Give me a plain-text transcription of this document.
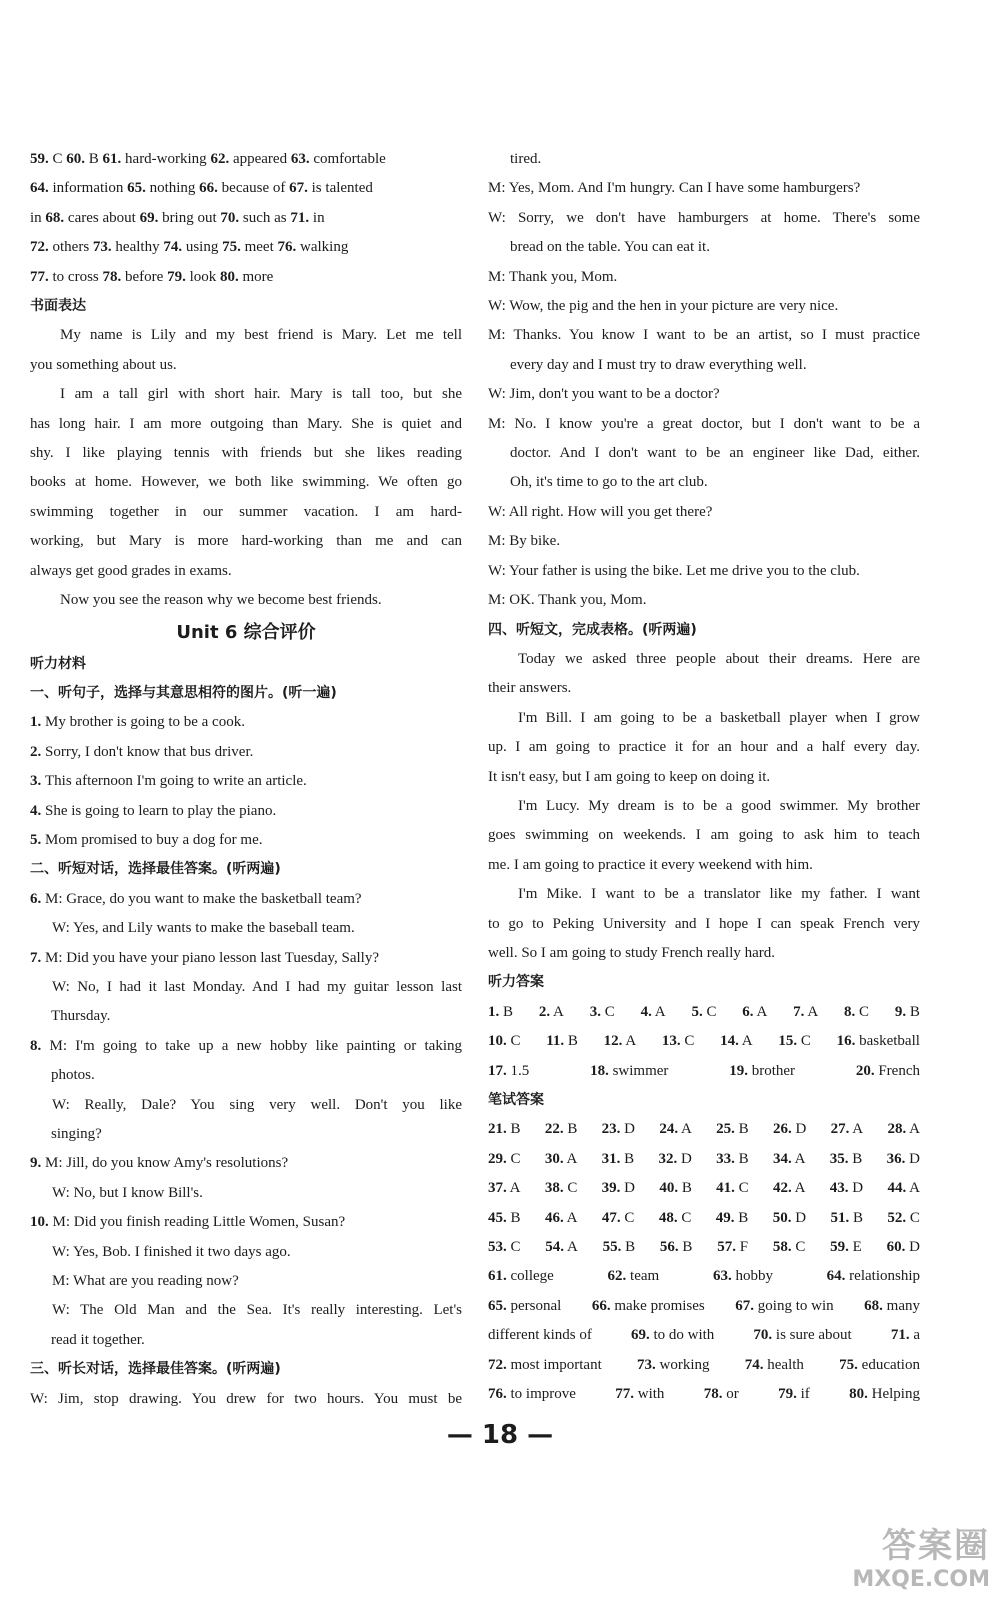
59. C 60. B 61. hard-working 62. appeared 63. comfortable
64. information 65. nothing 66. because of 67. is talented
in 68. cares about 69. bring out 70. such as 71. in
72. others 73. healthy 74. using 75. meet 76. walking
77. to cross 78. before 79. look 80. more
书面表达
My name is Lily and my best friend is Mary. Let me tell
you something about us.
I am a tall girl with short hair. Mary is tall too, but she
has long hair. I am more outgoing than Mary. She is quiet and
shy. I like playing tennis with friends but she likes reading
books at home. However, we both like swimming. We often go
swimming together in our summer vacation. I am hard-
working, but Mary is more hard-working than me and can
always get good grades in exams.
Now you see the reason why we become best friends.
Unit 6 综合评价
听力材料
一、听句子，选择与其意思相符的图片。(听一遍)
1. My brother is going to be a cook.
2. Sorry, I don't know that bus driver.
3. This afternoon I'm going to write an article.
4. She is going to learn to play the piano.
5. Mom promised to buy a dog for me.
二、听短对话，选择最佳答案。(听两遍)
6. M: Grace, do you want to make the basketball team?
W: Yes, and Lily wants to make the baseball team.
7. M: Did you have your piano lesson last Tuesday, Sally?
W: No, I had it last Monday. And I had my guitar lesson last
Thursday.
8. M: I'm going to take up a new hobby like painting or taking
photos.
W: Really, Dale? You sing very well. Don't you like
singing?
9. M: Jill, do you know Amy's resolutions?
W: No, but I know Bill's.
10. M: Did you finish reading Little Women, Susan?
W: Yes, Bob. I finished it two days ago.
M: What are you reading now?
W: The Old Man and the Sea. It's really interesting. Let's
read it together.
三、听长对话，选择最佳答案。(听两遍)
W: Jim, stop drawing. You drew for two hours. You must be
tired.
M: Yes, Mom. And I'm hungry. Can I have some hamburgers?
W: Sorry, we don't have hamburgers at home. There's some
bread on the table. You can eat it.
M: Thank you, Mom.
W: Wow, the pig and the hen in your picture are very nice.
M: Thanks. You know I want to be an artist, so I must practice
every day and I must try to draw everything well.
W: Jim, don't you want to be a doctor?
M: No. I know you're a great doctor, but I don't want to be a
doctor. And I don't want to be an engineer like Dad, either.
Oh, it's time to go to the art club.
W: All right. How will you get there?
M: By bike.
W: Your father is using the bike. Let me drive you to the club.
M: OK. Thank you, Mom.
四、听短文，完成表格。(听两遍)
Today we asked three people about their dreams. Here are
their answers.
I'm Bill. I am going to be a basketball player when I grow
up. I am going to practice it for an hour and a half every day.
It isn't easy, but I am going to keep on doing it.
I'm Lucy. My dream is to be a good swimmer. My brother
goes swimming on weekends. I am going to ask him to teach
me. I am going to practice it every weekend with him.
I'm Mike. I want to be a translator like my father. I want
to go to Peking University and I hope I can speak French very
well. So I am going to study French really hard.
听力答案
1. B 2. A 3. C 4. A 5. C 6. A 7. A 8. C 9. B
10. C 11. B 12. A 13. C 14. A 15. C 16. basketball
17. 1.5	18. swimmer	19. brother	20. French
笔试答案
21. B 22. B 23. D 24. A 25. B 26. D 27. A 28. A
29. C 30. A 31. B 32. D 33. B 34. A 35. B 36. D
37. A 38. C 39. D 40. B 41. C 42. A 43. D 44. A
45. B 46. A 47. C 48. C 49. B 50. D 51. B 52. C
53. C 54. A 55. B 56. B 57. F 58. C 59. E 60. D
61. college	62. team	63. hobby	64. relationship
65. personal 66. make promises 67. going to win 68. many
different kinds of	69. to do with	70. is sure about	71. a
72. most important 73. working 74. health 75. education
76. to improve	77. with	78. or	79. if	80. Helping
— 18 —
答案圈
MXQE.COM
